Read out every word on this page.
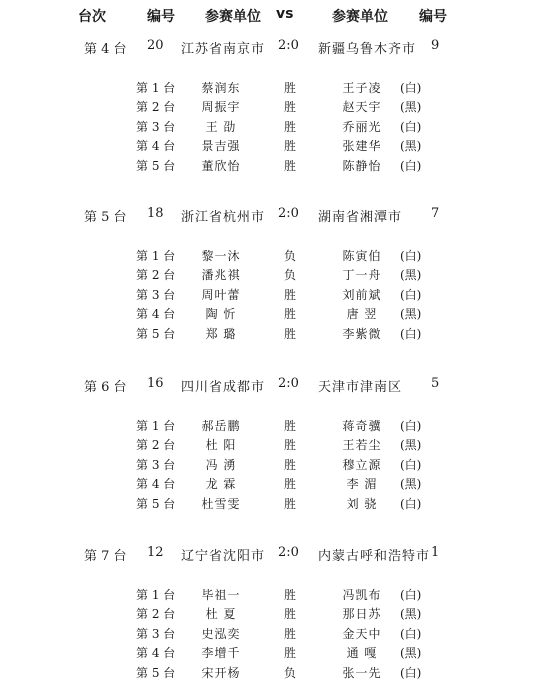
台次	编号 参赛单位 vs	参赛单位 编号
第 4 台 20 江苏省南京市 2:0 新疆乌鲁木齐市 9
第 1 台	蔡润东	胜	王子凌	(白)
第 2 台	周振宇	胜	赵天宇	(黑)
第 3 台	王 劭	胜	乔丽光	(白)
第 4 台	景吉强	胜	张建华	(黑)
第 5 台	董欣怡	胜	陈静怡	(白)
第 5 台 18 浙江省杭州市 2:0 湖南省湘潭市 7
第 1 台	黎一沐	负	陈寅伯	(白)
第 2 台	潘兆祺	负	丁一舟	(黑)
第 3 台	周叶蕾	胜	刘前斌	(白)
第 4 台	陶 忻	胜	唐 翌	(黑)
第 5 台	郑 璐	胜	李紫微	(白)
第 6 台 16 四川省成都市 2:0 天津市津南区 5
第 1 台	郝岳鹏	胜	蒋奇骥	(白)
第 2 台	杜 阳	胜	王若尘	(黑)
第 3 台	冯 湧	胜	穆立源	(白)
第 4 台	龙 霖	胜	李 湄	(黑)
第 5 台	杜雪雯	胜	刘 骁	(白)
第 7 台 12 辽宁省沈阳市 2:0 内蒙古呼和浩特市 1
第 1 台	毕祖一	胜	冯凯布	(白)
第 2 台	杜 夏	胜	那日苏	(黑)
第 3 台	史泓奕	胜	金天中	(白)
第 4 台	李增千	胜	通 嘎	(黑)
第 5 台	宋开杨	负	张一先	(白)
